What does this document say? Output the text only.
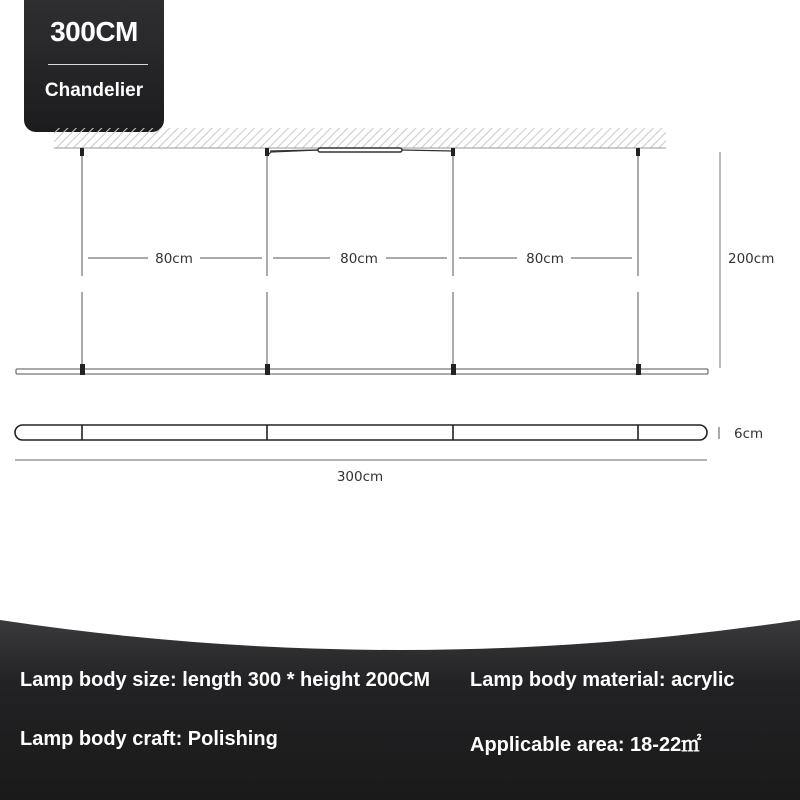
300CM
Chandelier
80cm	80cm	80cm	200cm
6cm
300cm
Lamp body size: length 300 * height 200CM Lamp body material: acrylic
Lamp body craft: Polishing	Applicable area: 18-22㎡
